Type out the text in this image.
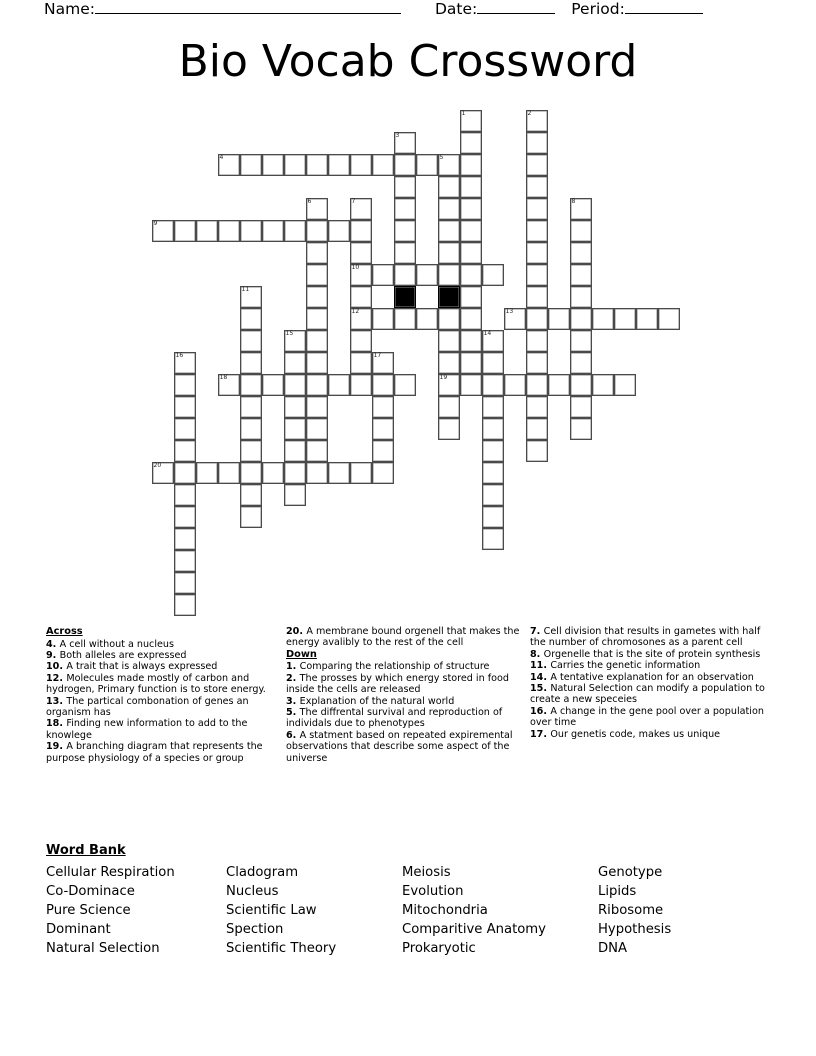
Name:	Date:	Period:
Bio Vocab Crossword
1	2
3
4	5
19
6	7
10
12
8
9
11
13
14
15
16	17
18
20
Across
4. A cell without a nucleus
9. Both alleles are expressed
10. A trait that is always expressed
12. Molecules made mostly of carbon and hydrogen, Primary function is to store energy.
13. The partical combonation of genes an organism has
18. Finding new information to add to the knowlege
19. A branching diagram that represents the purpose physiology of a species or group
20. A membrane bound orgenell that makes the energy avalibly to the rest of the cell
Down
1. Comparing the relationship of structure
2. The prosses by which energy stored in food inside the cells are released
3. Explanation of the natural world
5. The diffrental survival and reproduction of individals due to phenotypes
6. A statment based on repeated expiremental observations that describe some aspect of the universe
7. Cell division that results in gametes with half the number of chromosones as a parent cell
8. Orgenelle that is the site of protein synthesis
11. Carries the genetic information
14. A tentative explanation for an observation
15. Natural Selection can modify a population to create a new speceies
16. A change in the gene pool over a population over time
17. Our genetis code, makes us unique
Word Bank
Cellular Respiration	Cladogram	Meiosis	Genotype
Co-Dominace	Nucleus	Evolution	Lipids
Pure Science	Scientific Law	Mitochondria	Ribosome
Dominant	Spection	Comparitive Anatomy	Hypothesis
Natural Selection	Scientific Theory	Prokaryotic	DNA
